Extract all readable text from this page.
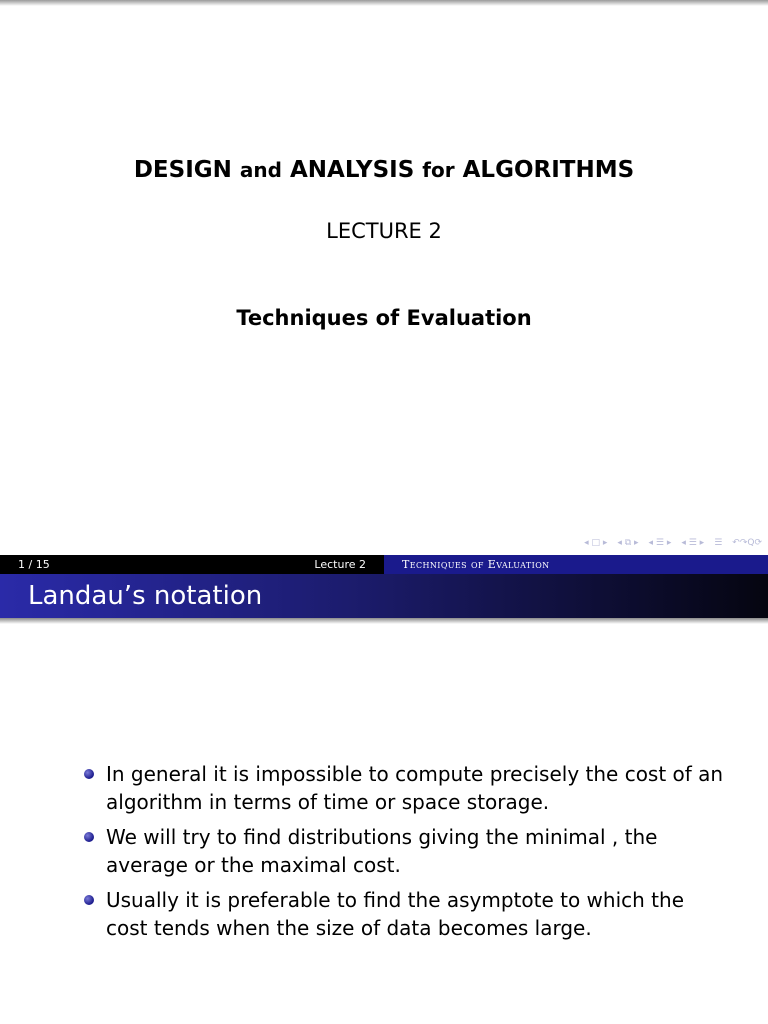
DESIGN and ANALYSIS for ALGORITHMS
LECTURE 2
Techniques of Evaluation
◂ □ ▸ ◂ ⧉ ▸ ◂ ☰ ▸ ◂ ☰ ▸ ☰ ↶↷Q⟳
1 / 15	Lecture 2	Techniques of Evaluation
Landau’s notation
In general it is impossible to compute precisely the cost of an algorithm in terms of time or space storage.
We will try to find distributions giving the minimal , the average or the maximal cost.
Usually it is preferable to find the asymptote to which the cost tends when the size of data becomes large.
